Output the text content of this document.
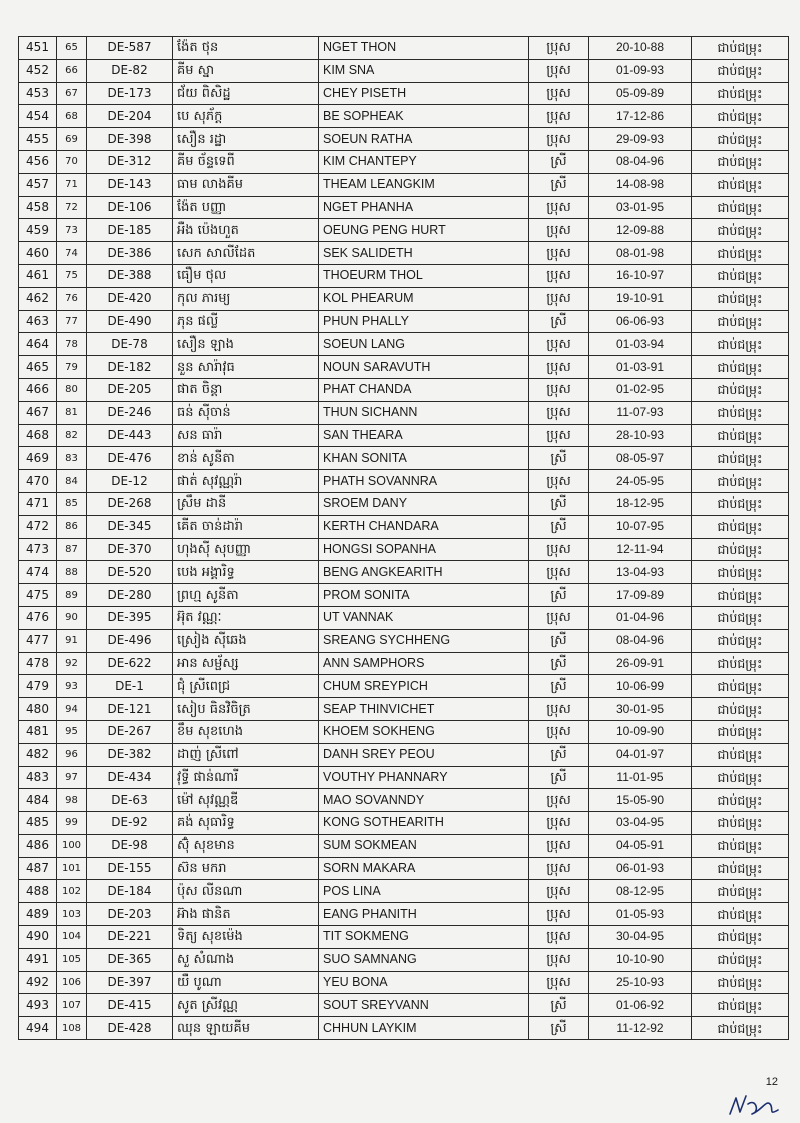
451	65	DE-587	ង៉ែត ថុន	NGET THON	ប្រុស	20-10-88	ជាប់ជម្រុះ
452	66	DE-82	គីម ស្នា	KIM SNA	ប្រុស	01-09-93	ជាប់ជម្រុះ
453	67	DE-173	ជ័យ ពិសិដ្ឋ	CHEY PISETH	ប្រុស	05-09-89	ជាប់ជម្រុះ
454	68	DE-204	បេ សុភ័ក្ត	BE SOPHEAK	ប្រុស	17-12-86	ជាប់ជម្រុះ
455	69	DE-398	សឿន រដ្ឋា	SOEUN RATHA	ប្រុស	29-09-93	ជាប់ជម្រុះ
456	70	DE-312	គីម ច័ន្ទទេពី	KIM CHANTEPY	ស្រី	08-04-96	ជាប់ជម្រុះ
457	71	DE-143	ធាម លាងគីម	THEAM LEANGKIM	ស្រី	14-08-98	ជាប់ជម្រុះ
458	72	DE-106	ង៉ែត បញ្ញា	NGET PHANHA	ប្រុស	03-01-95	ជាប់ជម្រុះ
459	73	DE-185	អឺង ប៉េងហួត	OEUNG PENG HURT	ប្រុស	12-09-88	ជាប់ជម្រុះ
460	74	DE-386	សេក សាលីដែត	SEK SALIDETH	ប្រុស	08-01-98	ជាប់ជម្រុះ
461	75	DE-388	ធឿម ថុល	THOEURM THOL	ប្រុស	16-10-97	ជាប់ជម្រុះ
462	76	DE-420	កុល ភារម្យ	KOL PHEARUM	ប្រុស	19-10-91	ជាប់ជម្រុះ
463	77	DE-490	ភុន ផល្លី	PHUN PHALLY	ស្រី	06-06-93	ជាប់ជម្រុះ
464	78	DE-78	សឿន ឡាង	SOEUN LANG	ប្រុស	01-03-94	ជាប់ជម្រុះ
465	79	DE-182	នួន សារ៉ាវុធ	NOUN SARAVUTH	ប្រុស	01-03-91	ជាប់ជម្រុះ
466	80	DE-205	ផាត ចិន្តា	PHAT CHANDA	ប្រុស	01-02-95	ជាប់ជម្រុះ
467	81	DE-246	ធន់ ស៊ីចាន់	THUN SICHANN	ប្រុស	11-07-93	ជាប់ជម្រុះ
468	82	DE-443	សន ធារ៉ា	SAN THEARA	ប្រុស	28-10-93	ជាប់ជម្រុះ
469	83	DE-476	ខាន់ សូនីតា	KHAN SONITA	ស្រី	08-05-97	ជាប់ជម្រុះ
470	84	DE-12	ផាត់ សុវណ្ណរ៉ា	PHATH SOVANNRA	ប្រុស	24-05-95	ជាប់ជម្រុះ
471	85	DE-268	ស្រឹម ដានី	SROEM DANY	ស្រី	18-12-95	ជាប់ជម្រុះ
472	86	DE-345	គើត ចាន់ដារ៉ា	KERTH CHANDARA	ស្រី	10-07-95	ជាប់ជម្រុះ
473	87	DE-370	ហុងស៊ី សុបញ្ញា	HONGSI SOPANHA	ប្រុស	12-11-94	ជាប់ជម្រុះ
474	88	DE-520	បេង អង្គារិទ្ធ	BENG ANGKEARITH	ប្រុស	13-04-93	ជាប់ជម្រុះ
475	89	DE-280	ព្រហ្ម សូនីតា	PROM SONITA	ស្រី	17-09-89	ជាប់ជម្រុះ
476	90	DE-395	អ៊ុត វណ្ណៈ	UT VANNAK	ប្រុស	01-04-96	ជាប់ជម្រុះ
477	91	DE-496	ស្រៀង ស៊ីឆេង	SREANG SYCHHENG	ស្រី	08-04-96	ជាប់ជម្រុះ
478	92	DE-622	អាន សម្ផ័ស្ស	ANN SAMPHORS	ស្រី	26-09-91	ជាប់ជម្រុះ
479	93	DE-1	ជុំ ស្រីពេជ្រ	CHUM SREYPICH	ស្រី	10-06-99	ជាប់ជម្រុះ
480	94	DE-121	សៀប ធិនវិចិត្រ	SEAP THINVICHET	ប្រុស	30-01-95	ជាប់ជម្រុះ
481	95	DE-267	ខឹម សុខហេង	KHOEM SOKHENG	ប្រុស	10-09-90	ជាប់ជម្រុះ
482	96	DE-382	ដាញ់ ស្រីពៅ	DANH SREY PEOU	ស្រី	04-01-97	ជាប់ជម្រុះ
483	97	DE-434	វុទ្ធី ផាន់ណារី	VOUTHY PHANNARY	ស្រី	11-01-95	ជាប់ជម្រុះ
484	98	DE-63	ម៉ៅ សុវណ្ណឌី	MAO SOVANNDY	ប្រុស	15-05-90	ជាប់ជម្រុះ
485	99	DE-92	គង់ សុធារិទ្ធ	KONG SOTHEARITH	ប្រុស	03-04-95	ជាប់ជម្រុះ
486	100	DE-98	ស៊ុំ សុខមាន	SUM SOKMEAN	ប្រុស	04-05-91	ជាប់ជម្រុះ
487	101	DE-155	ស៊ន មករា	SORN MAKARA	ប្រុស	06-01-93	ជាប់ជម្រុះ
488	102	DE-184	ប៉ុស លីនណា	POS LINA	ប្រុស	08-12-95	ជាប់ជម្រុះ
489	103	DE-203	អ៊ាង ផានិត	EANG PHANITH	ប្រុស	01-05-93	ជាប់ជម្រុះ
490	104	DE-221	ទិត្យ សុខម៉េង	TIT SOKMENG	ប្រុស	30-04-95	ជាប់ជម្រុះ
491	105	DE-365	សួ សំណាង	SUO SAMNANG	ប្រុស	10-10-90	ជាប់ជម្រុះ
492	106	DE-397	យឺ បូណា	YEU BONA	ប្រុស	25-10-93	ជាប់ជម្រុះ
493	107	DE-415	សូត ស្រីវណ្ណ	SOUT SREYVANN	ស្រី	01-06-92	ជាប់ជម្រុះ
494	108	DE-428	ឈុន ឡាយគីម	CHHUN LAYKIM	ស្រី	11-12-92	ជាប់ជម្រុះ
12
